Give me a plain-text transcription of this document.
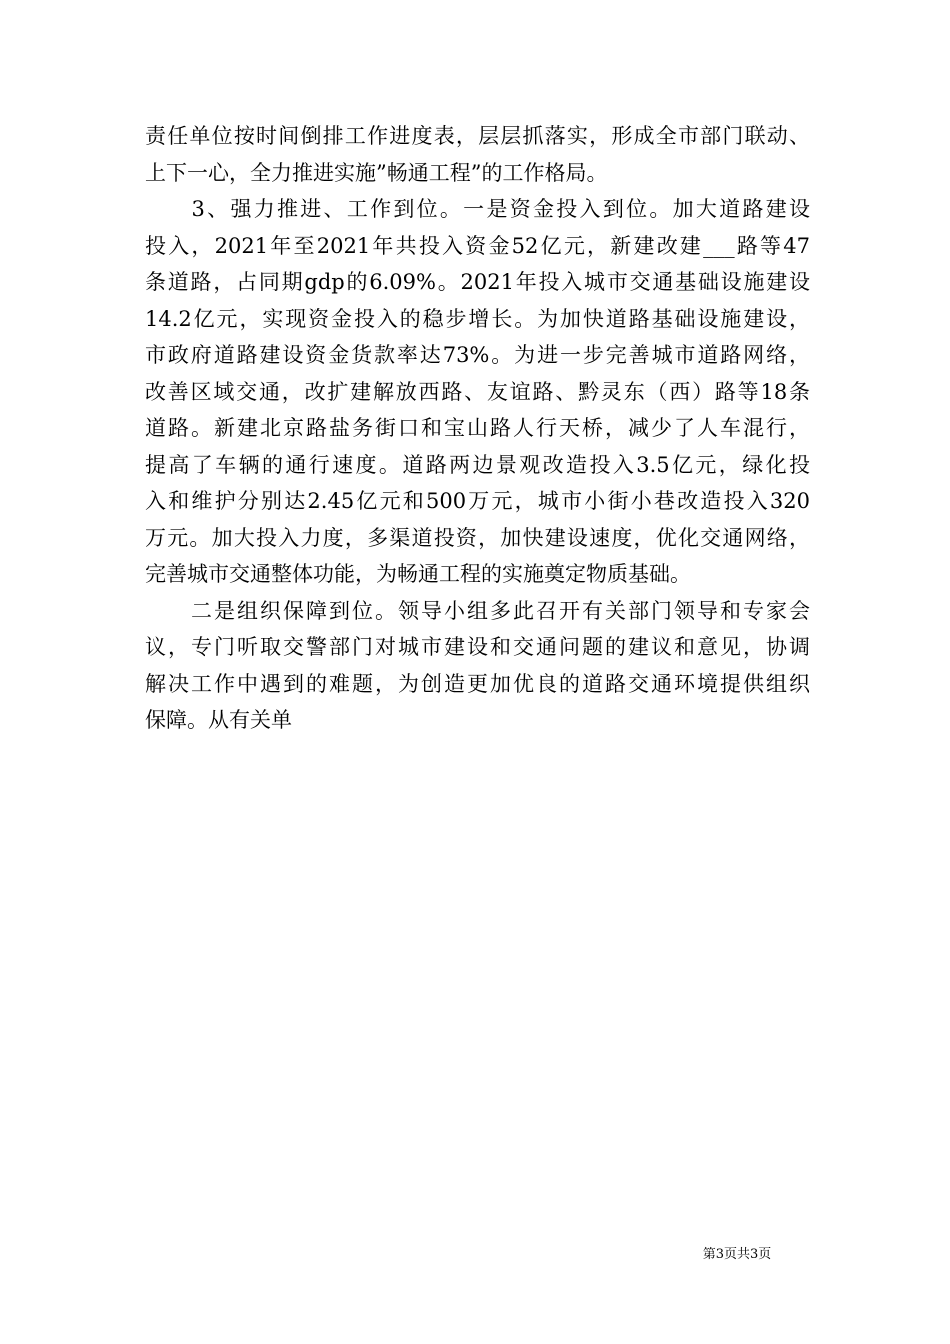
责任单位按时间倒排工作进度表，层层抓落实，形成全市部门联动、
上下一心，全力推进实施”畅通工程”的工作格局。
　　3、强力推进、工作到位。一是资金投入到位。加大道路建设
投入，2021年至2021年共投入资金52亿元，新建改建___路等47
条道路，占同期gdp的6.09%。2021年投入城市交通基础设施建设
14.2亿元，实现资金投入的稳步增长。为加快道路基础设施建设，
市政府道路建设资金货款率达73%。为进一步完善城市道路网络，
改善区域交通，改扩建解放西路、友谊路、黔灵东（西）路等18条
道路。新建北京路盐务街口和宝山路人行天桥，减少了人车混行，
提高了车辆的通行速度。道路两边景观改造投入3.5亿元，绿化投
入和维护分别达2.45亿元和500万元，城市小街小巷改造投入320
万元。加大投入力度，多渠道投资，加快建设速度，优化交通网络，
完善城市交通整体功能，为畅通工程的实施奠定物质基础。
　　二是组织保障到位。领导小组多此召开有关部门领导和专家会
议，专门听取交警部门对城市建设和交通问题的建议和意见，协调
解决工作中遇到的难题，为创造更加优良的道路交通环境提供组织
保障。从有关单
第3页共3页
